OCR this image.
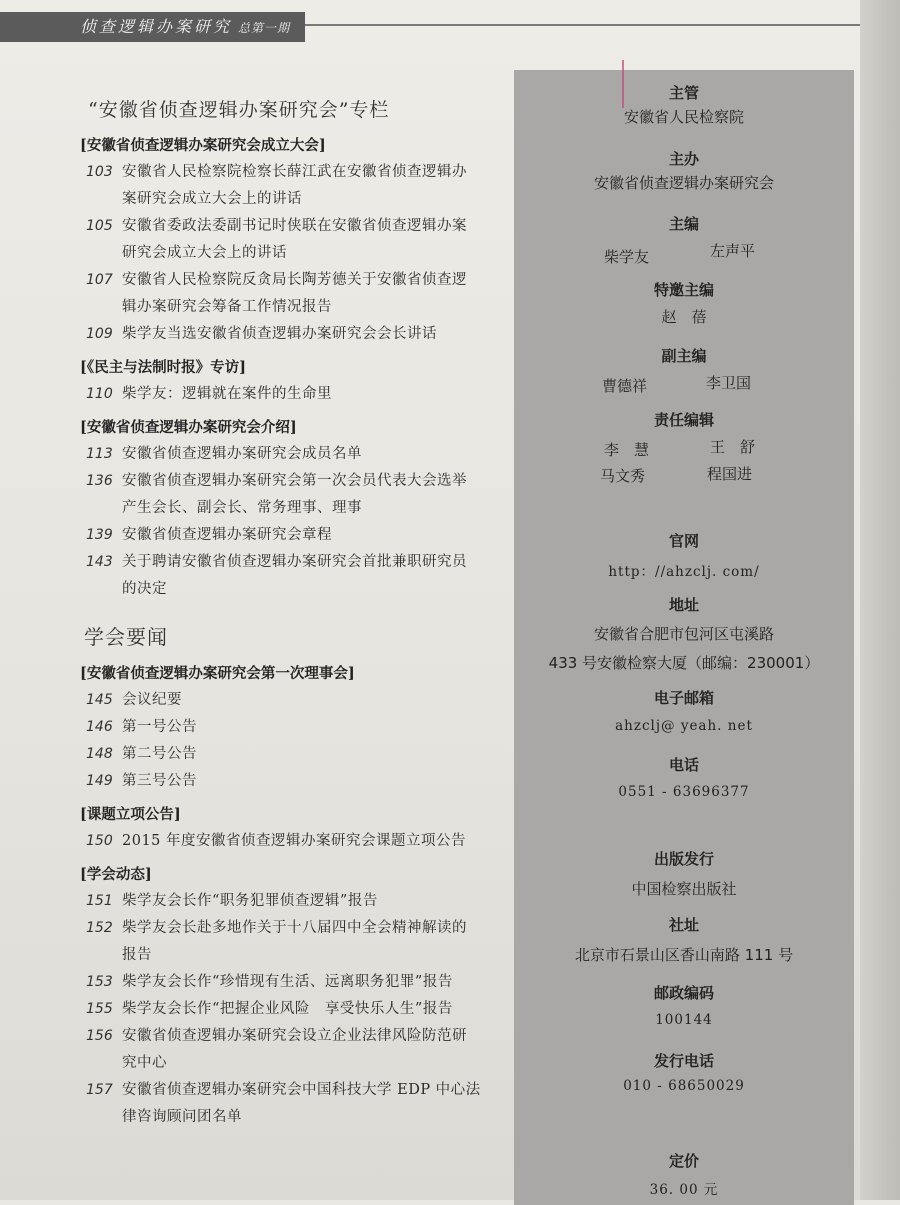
侦查逻辑办案研究 总第一期
“安徽省侦查逻辑办案研究会”专栏
[安徽省侦查逻辑办案研究会成立大会]
103 安徽省人民检察院检察长薛江武在安徽省侦查逻辑办
案研究会成立大会上的讲话
105 安徽省委政法委副书记时侠联在安徽省侦查逻辑办案
研究会成立大会上的讲话
107 安徽省人民检察院反贪局长陶芳德关于安徽省侦查逻
辑办案研究会筹备工作情况报告
109 柴学友当选安徽省侦查逻辑办案研究会会长讲话
[《民主与法制时报》专访]
110 柴学友：逻辑就在案件的生命里
[安徽省侦查逻辑办案研究会介绍]
113 安徽省侦查逻辑办案研究会成员名单
136 安徽省侦查逻辑办案研究会第一次会员代表大会选举
产生会长、副会长、常务理事、理事
139 安徽省侦查逻辑办案研究会章程
143 关于聘请安徽省侦查逻辑办案研究会首批兼职研究员
的决定
学会要闻
[安徽省侦查逻辑办案研究会第一次理事会]
145 会议纪要
146 第一号公告
148 第二号公告
149 第三号公告
[课题立项公告]
150 2015 年度安徽省侦查逻辑办案研究会课题立项公告
[学会动态]
151 柴学友会长作“职务犯罪侦查逻辑”报告
152 柴学友会长赴多地作关于十八届四中全会精神解读的
报告
153 柴学友会长作“珍惜现有生活、远离职务犯罪”报告
155 柴学友会长作“把握企业风险　享受快乐人生”报告
156 安徽省侦查逻辑办案研究会设立企业法律风险防范研
究中心
157 安徽省侦查逻辑办案研究会中国科技大学 EDP 中心法
律咨询顾问团名单
主管
安徽省人民检察院
主办
安徽省侦查逻辑办案研究会
主编
柴学友	左声平
特邀主编
赵　蓓
副主编
曹德祥	李卫国
责任编辑
李　慧	王　舒
马文秀	程国进
官网
http：//ahzclj. com/
地址
安徽省合肥市包河区屯溪路
433 号安徽检察大厦（邮编：230001）
电子邮箱
ahzclj@ yeah. net
电话
0551 - 63696377
出版发行
中国检察出版社
社址
北京市石景山区香山南路 111 号
邮政编码
100144
发行电话
010 - 68650029
定价
36. 00 元
